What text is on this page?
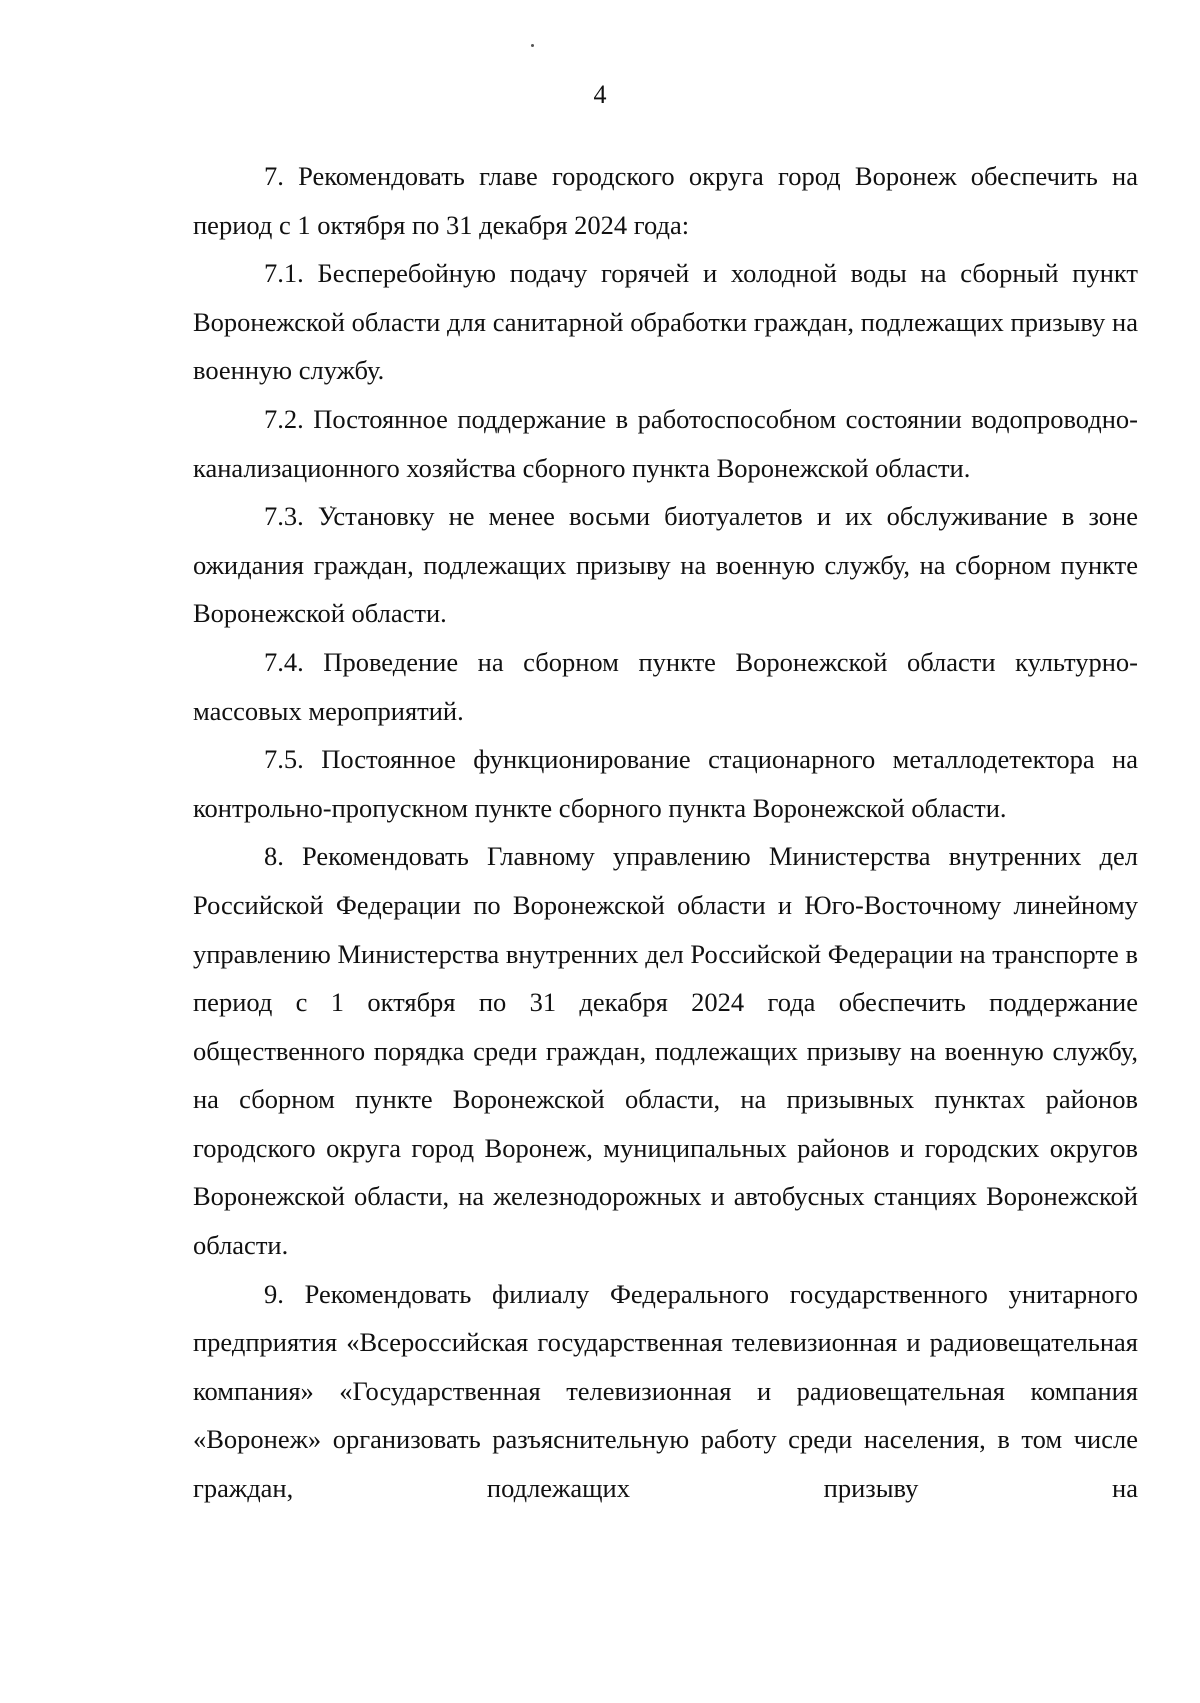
4

7. Рекомендовать главе городского округа город Воронеж обеспечить на период с 1 октября по 31 декабря 2024 года:

7.1. Бесперебойную подачу горячей и холодной воды на сборный пункт Воронежской области для санитарной обработки граждан, подлежащих призыву на военную службу.

7.2. Постоянное поддержание в работоспособном состоянии водопроводно-канализационного хозяйства сборного пункта Воронежской области.

7.3. Установку не менее восьми биотуалетов и их обслуживание в зоне ожидания граждан, подлежащих призыву на военную службу, на сборном пункте Воронежской области.

7.4. Проведение на сборном пункте Воронежской области культурно-массовых мероприятий.

7.5. Постоянное функционирование стационарного металлодетектора на контрольно-пропускном пункте сборного пункта Воронежской области.

8. Рекомендовать Главному управлению Министерства внутренних дел Российской Федерации по Воронежской области и Юго-Восточному линейному управлению Министерства внутренних дел Российской Федерации на транспорте в период с 1 октября по 31 декабря 2024 года обеспечить поддержание общественного порядка среди граждан, подлежащих призыву на военную службу, на сборном пункте Воронежской области, на призывных пунктах районов городского округа город Воронеж, муниципальных районов и городских округов Воронежской области, на железнодорожных и автобусных станциях Воронежской области.

9. Рекомендовать филиалу Федерального государственного унитарного предприятия «Всероссийская государственная телевизионная и радиовещательная компания» «Государственная телевизионная и радиовещательная компания «Воронеж» организовать разъяснительную работу среди населения, в том числе граждан, подлежащих призыву на
